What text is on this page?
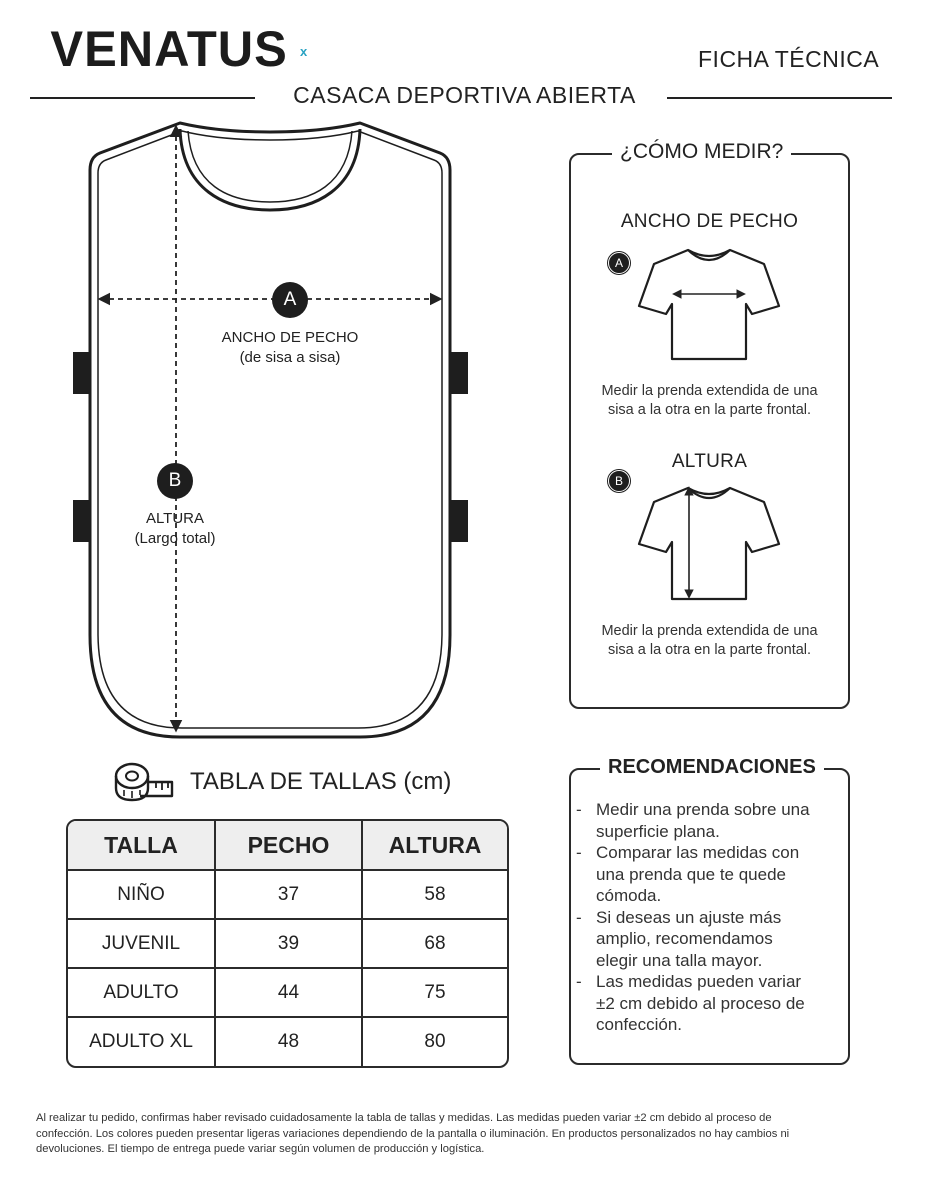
VENATUS x	FICHA TÉCNICA
CASACA DEPORTIVA ABIERTA
A
ANCHO DE PECHO
(de sisa a sisa)
B
ALTURA
(Largo total)
¿CÓMO MEDIR?
ANCHO DE PECHO
A
Medir la prenda extendida de una
sisa a la otra en la parte frontal.
ALTURA
B
Medir la prenda extendida de una
sisa a la otra en la parte frontal.
TABLA DE TALLAS (cm)
TALLA	PECHO	ALTURA
NIÑO	37	58
JUVENIL	39	68
ADULTO	44	75
ADULTO XL	48	80
RECOMENDACIONES
- Medir una prenda sobre una
superficie plana.
- Comparar las medidas con
una prenda que te quede
cómoda.
- Si deseas un ajuste más
amplio, recomendamos
elegir una talla mayor.
- Las medidas pueden variar
±2 cm debido al proceso de
confección.
Al realizar tu pedido, confirmas haber revisado cuidadosamente la tabla de tallas y medidas. Las medidas pueden variar ±2 cm debido al proceso de
confección. Los colores pueden presentar ligeras variaciones dependiendo de la pantalla o iluminación. En productos personalizados no hay cambios ni
devoluciones. El tiempo de entrega puede variar según volumen de producción y logística.
